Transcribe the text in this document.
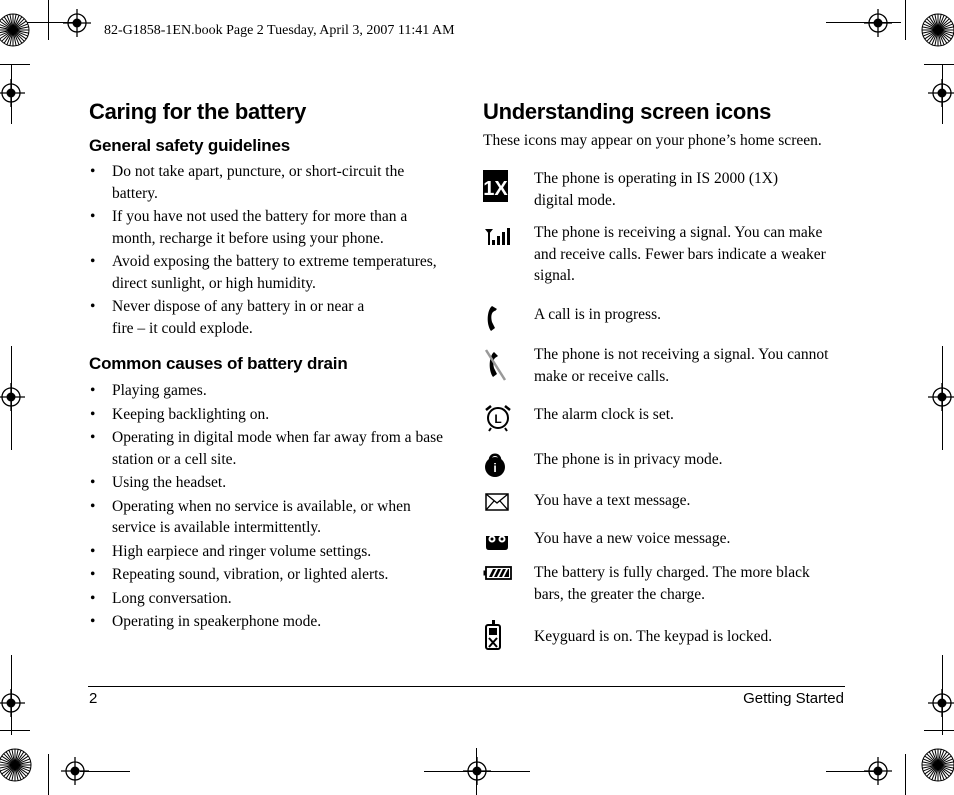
82-G1858-1EN.book Page 2 Tuesday, April 3, 2007 11:41 AM
Caring for the battery
General safety guidelines
• Do not take apart, puncture, or short-circuit the battery.
• If you have not used the battery for more than a month, recharge it before using your phone.
• Avoid exposing the battery to extreme temperatures, direct sunlight, or high humidity.
• Never dispose of any battery in or near a fire – it could explode.
Common causes of battery drain
• Playing games.
• Keeping backlighting on.
• Operating in digital mode when far away from a base station or a cell site.
• Using the headset.
• Operating when no service is available, or when service is available intermittently.
• High earpiece and ringer volume settings.
• Repeating sound, vibration, or lighted alerts.
• Long conversation.
• Operating in speakerphone mode.
Understanding screen icons
These icons may appear on your phone’s home screen.
1X The phone is operating in IS 2000 (1X) digital mode.
The phone is receiving a signal. You can make and receive calls. Fewer bars indicate a weaker signal.
A call is in progress.
The phone is not receiving a signal. You cannot make or receive calls.
L The alarm clock is set.
i The phone is in privacy mode.
You have a text message.
You have a new voice message.
The battery is fully charged. The more black bars, the greater the charge.
Keyguard is on. The keypad is locked.
2	Getting Started
